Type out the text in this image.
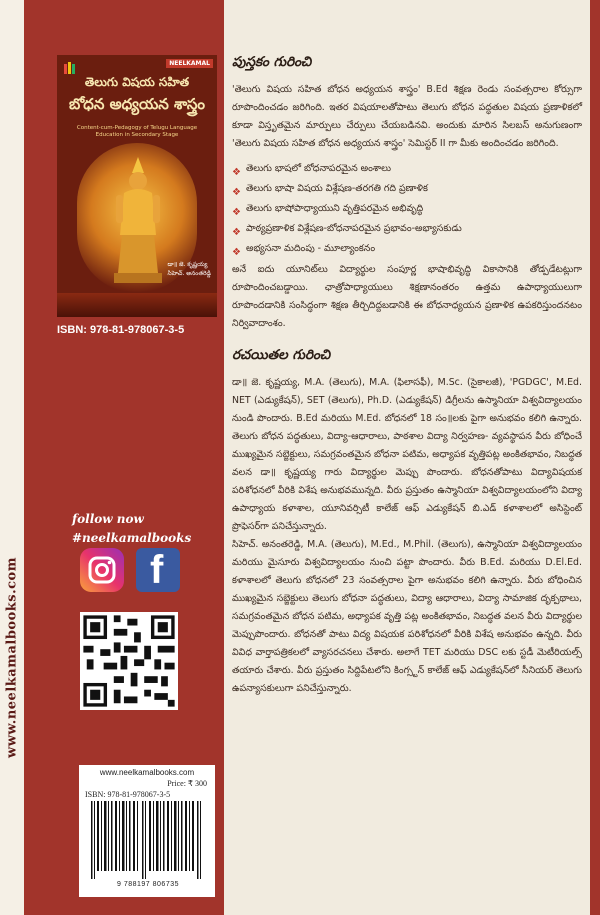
www.neelkamalbooks.com
NEELKAMAL
తెలుగు విషయ సహిత
బోధన అధ్యయన శాస్త్రం
Content-cum-Pedagogy of Telugu Language Education in Secondary Stage
డా॥ జె. కృష్ణయ్య
సిహెచ్. అనంతరెడ్డి
ISBN: 978-81-978067-3-5
follow now
#neelkamalbooks
f
www.neelkamalbooks.com
Price: ₹ 300
ISBN: 978-81-978067-3-5
9 788197 806735
పుస్తకం గురించి

'తెలుగు విషయ సహిత బోధన అధ్యయన శాస్త్రం' B.Ed శిక్షణ రెండు సంవత్సరాల కోర్సుగా రూపొందించడం జరిగింది. ఇతర విషయాలతోపాటు తెలుగు బోధన పద్ధతుల విషయ ప్రణాళికలో కూడా విస్తృతమైన మార్పులు చేర్పులు చేయబడినవి. అందుకు మారిన సిలబస్ అనుగుణంగా 'తెలుగు విషయ సహిత బోధన అధ్యయన శాస్త్రం' సెమిస్టర్ II గా మీకు అందించడం జరిగింది.

❖ తెలుగు భాషలో బోధనాపరమైన అంశాలు
❖ తెలుగు భాషా విషయ విశ్లేషణ-తరగతి గది ప్రణాళిక
❖ తెలుగు భాషోపాధ్యాయుని వృత్తిపరమైన అభివృద్ధి
❖ పాఠ్యప్రణాళిక విశ్లేషణ-బోధనాపరమైన ప్రభావం-అభ్యాసకుడు
❖ అభ్యసనా మదింపు - మూల్యాంకనం

అనే ఐదు యూనిట్‌లు విద్యార్థుల సంపూర్ణ భాషాభివృద్ధి వికాసానికి తోడ్పడేటట్లుగా రూపొందించబడ్డాయి. ఛాత్రోపాధ్యాయులు శిక్షణానంతరం ఉత్తమ ఉపాధ్యాయులుగా రూపొందడానికి సంసిద్ధంగా శిక్షణ తీర్చిదిద్దబడానికి ఈ బోధనాధ్యయన ప్రణాళిక ఉపకరిస్తుందనటం నిర్వివాదాంశం.

రచయితల గురించి

డా॥ జె. కృష్ణయ్య, M.A. (తెలుగు), M.A. (ఫిలాసఫీ), M.Sc. (సైకాలజీ), 'PGDGC', M.Ed. NET (ఎడ్యుకేషన్), SET (తెలుగు), Ph.D. (ఎడ్యుకేషన్) డిగ్రీలను ఉస్మానియా విశ్వవిద్యాలయం నుండి పొందారు. B.Ed మరియు M.Ed. బోధనలో 18 సం॥లకు పైగా అనుభవం కలిగి ఉన్నారు. తెలుగు బోధన పద్ధతులు, విద్యా-ఆధారాలు, పాఠశాల విద్యా నిర్వహణ- వ్యవస్థాపన వీరు బోధించే ముఖ్యమైన సబ్జెక్టులు, సమగ్రవంతమైన బోధనా పటిమ, అధ్యాపక వృత్తిపట్ల అంకితభావం, నిబద్ధత వలన డా॥ కృష్ణయ్య గారు విద్యార్థుల మెప్పు పొందారు. బోధనతోపాటు విద్యావిషయక పరిశోధనలో వీరికి విశేష అనుభవమున్నది. వీరు ప్రస్తుతం ఉస్మానియా విశ్వవిద్యాలయంలోని విద్యా ఉపాధ్యాయ కళాశాల, యూనివర్సిటీ కాలేజ్ ఆఫ్ ఎడ్యుకేషన్ బి.ఎడ్ కళాశాలలో అసిస్టెంట్ ప్రొఫెసర్‌గా పనిచేస్తున్నారు.

సిహెచ్. అనంతరెడ్డి, M.A. (తెలుగు), M.Ed., M.Phil. (తెలుగు), ఉస్మానియా విశ్వవిద్యాలయం మరియు మైసూరు విశ్వవిద్యాలయం నుంచి పట్టా పొందారు. వీరు B.Ed. మరియు D.El.Ed. కళాశాలలో తెలుగు బోధనలో 23 సంవత్సరాల పైగా అనుభవం కలిగి ఉన్నారు. వీరు బోధించిన ముఖ్యమైన సబ్జెక్టులు తెలుగు బోధనా పద్ధతులు, విద్యా ఆధారాలు, విద్యా సామాజిక దృక్పథాలు, సమగ్రవంతమైన బోధన పటిమ, అధ్యాపక వృత్తి పట్ల అంకితభావం, నిబద్ధత వలన వీరు విద్యార్థుల మెప్పుపొందారు. బోధనతో పాటు విద్య విషయక పరిశోధనలో వీరికి విశేష అనుభవం ఉన్నది. వీరు వివిధ వార్తాపత్రికలలో వ్యాసరచనలు చేశారు. అలాగే TET మరియు DSC లకు స్టడీ మెటీరియల్స్ తయారు చేశారు. వీరు ప్రస్తుతం సిద్దిపేటలోని కింగ్స్టన్ కాలేజ్ ఆఫ్ ఎడ్యుకేషన్‌లో సీనియర్ తెలుగు ఉపన్యాసకులుగా పనిచేస్తున్నారు.
